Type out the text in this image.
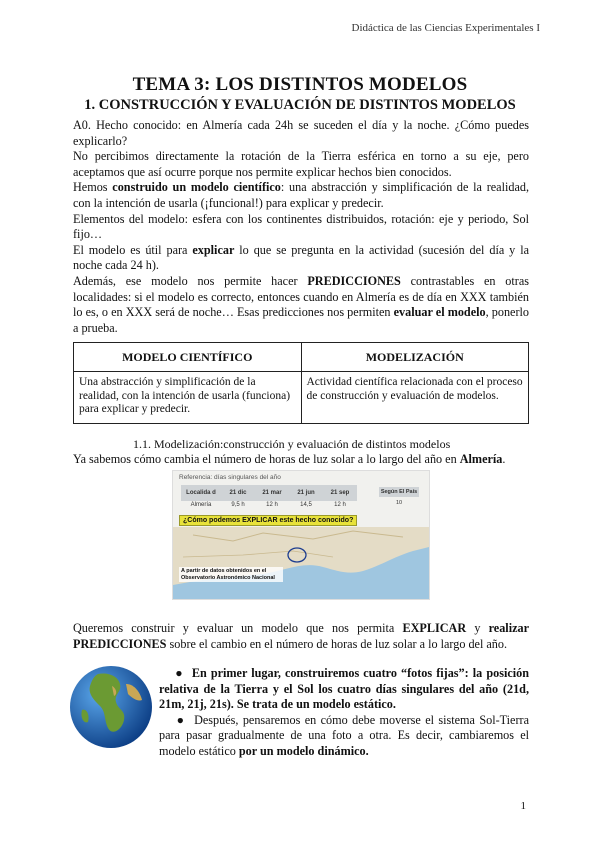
Didáctica de las Ciencias Experimentales I
TEMA 3: LOS DISTINTOS MODELOS
1. CONSTRUCCIÓN Y EVALUACIÓN DE DISTINTOS MODELOS

A0. Hecho conocido: en Almería cada 24h se suceden el día y la noche. ¿Cómo puedes explicarlo?

No percibimos directamente la rotación de la Tierra esférica en torno a su eje, pero aceptamos que así ocurre porque nos permite explicar hechos bien conocidos.

Hemos construido un modelo científico: una abstracción y simplificación de la realidad, con la intención de usarla (¡funcional!) para explicar y predecir.

Elementos del modelo: esfera con los continentes distribuidos, rotación: eje y periodo, Sol fijo…

El modelo es útil para explicar lo que se pregunta en la actividad (sucesión del día y la noche cada 24 h).

Además, ese modelo nos permite hacer PREDICCIONES contrastables en otras localidades: si el modelo es correcto, entonces cuando en Almería es de día en XXX también lo es, o en XXX será de noche… Esas predicciones nos permiten evaluar el modelo, ponerlo a prueba.

MODELO CIENTÍFICO	MODELIZACIÓN
Una abstracción y simplificación de la realidad, con la intención de usarla (funciona) para explicar y predecir.	Actividad científica relacionada con el proceso de construcción y evaluación de modelos.
1.1. Modelización:construcción y evaluación de distintos modelos
Ya sabemos cómo cambia el número de horas de luz solar a lo largo del año en Almería.
Referencia: días singulares del año
Localida d	21 dic	21 mar	21 jun	21 sep
Almería	9,5 h	12 h	14,5	12 h
Según El País
10
¿Cómo podemos EXPLICAR este hecho conocido?
A partir de datos obtenidos en el Observatorio Astronómico Nacional

Queremos construir y evaluar un modelo que nos permita EXPLICAR y realizar PREDICCIONES sobre el cambio en el número de horas de luz solar a lo largo del año.

● En primer lugar, construiremos cuatro “fotos fijas”: la posición relativa de la Tierra y el Sol los cuatro días singulares del año (21d, 21m, 21j, 21s). Se trata de un modelo estático.

● Después, pensaremos en cómo debe moverse el sistema Sol-Tierra para pasar gradualmente de una foto a otra. Es decir, cambiaremos el modelo estático por un modelo dinámico.

1
